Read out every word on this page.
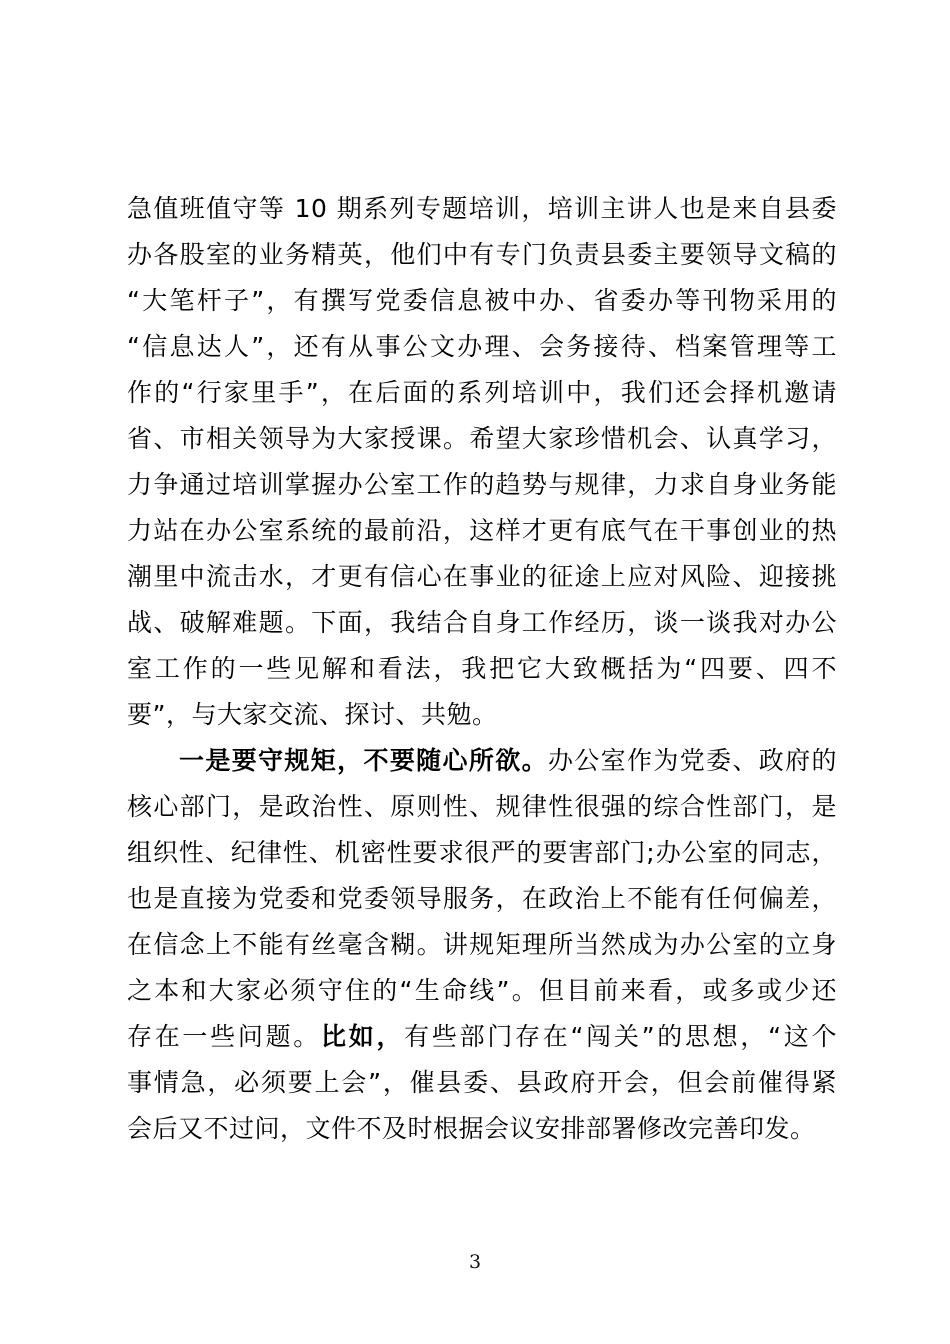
急值班值守等 10 期系列专题培训，培训主讲人也是来自县委
办各股室的业务精英，他们中有专门负责县委主要领导文稿的
“大笔杆子”，有撰写党委信息被中办、省委办等刊物采用的
“信息达人”，还有从事公文办理、会务接待、档案管理等工
作的“行家里手”，在后面的系列培训中，我们还会择机邀请
省、市相关领导为大家授课。希望大家珍惜机会、认真学习，
力争通过培训掌握办公室工作的趋势与规律，力求自身业务能
力站在办公室系统的最前沿，这样才更有底气在干事创业的热
潮里中流击水，才更有信心在事业的征途上应对风险、迎接挑
战、破解难题。下面，我结合自身工作经历，谈一谈我对办公
室工作的一些见解和看法，我把它大致概括为“四要、四不
要”，与大家交流、探讨、共勉。
一是要守规矩，不要随心所欲。办公室作为党委、政府的
核心部门，是政治性、原则性、规律性很强的综合性部门，是
组织性、纪律性、机密性要求很严的要害部门;办公室的同志，
也是直接为党委和党委领导服务，在政治上不能有任何偏差，
在信念上不能有丝毫含糊。讲规矩理所当然成为办公室的立身
之本和大家必须守住的“生命线”。但目前来看，或多或少还
存在一些问题。比如，有些部门存在“闯关”的思想，“这个
事情急，必须要上会”，催县委、县政府开会，但会前催得紧
会后又不过问，文件不及时根据会议安排部署修改完善印发。
3
